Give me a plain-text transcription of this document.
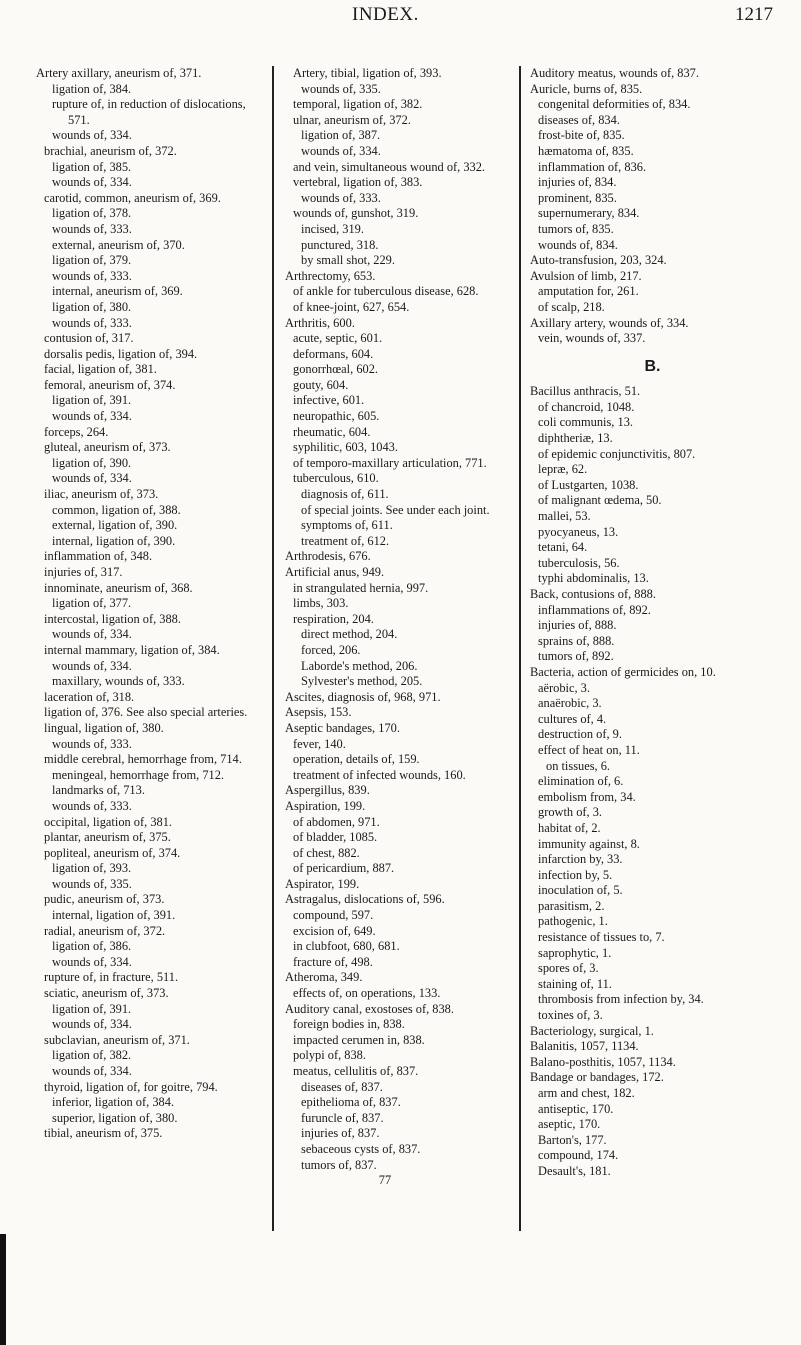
INDEX.	1217

Artery axillary, aneurism of, 371.

ligation of, 384.

rupture of, in reduction of dislocations, 571.

wounds of, 334.

brachial, aneurism of, 372.

ligation of, 385.

wounds of, 334.

carotid, common, aneurism of, 369.

ligation of, 378.

wounds of, 333.

external, aneurism of, 370.

ligation of, 379.

wounds of, 333.

internal, aneurism of, 369.

ligation of, 380.

wounds of, 333.

contusion of, 317.

dorsalis pedis, ligation of, 394.

facial, ligation of, 381.

femoral, aneurism of, 374.

ligation of, 391.

wounds of, 334.

forceps, 264.

gluteal, aneurism of, 373.

ligation of, 390.

wounds of, 334.

iliac, aneurism of, 373.

common, ligation of, 388.

external, ligation of, 390.

internal, ligation of, 390.

inflammation of, 348.

injuries of, 317.

innominate, aneurism of, 368.

ligation of, 377.

intercostal, ligation of, 388.

wounds of, 334.

internal mammary, ligation of, 384.

wounds of, 334.

maxillary, wounds of, 333.

laceration of, 318.

ligation of, 376. See also special arteries.

lingual, ligation of, 380.

wounds of, 333.

middle cerebral, hemorrhage from, 714.

meningeal, hemorrhage from, 712.

landmarks of, 713.

wounds of, 333.

occipital, ligation of, 381.

plantar, aneurism of, 375.

popliteal, aneurism of, 374.

ligation of, 393.

wounds of, 335.

pudic, aneurism of, 373.

internal, ligation of, 391.

radial, aneurism of, 372.

ligation of, 386.

wounds of, 334.

rupture of, in fracture, 511.

sciatic, aneurism of, 373.

ligation of, 391.

wounds of, 334.

subclavian, aneurism of, 371.

ligation of, 382.

wounds of, 334.

thyroid, ligation of, for goitre, 794.

inferior, ligation of, 384.

superior, ligation of, 380.

tibial, aneurism of, 375.

Artery, tibial, ligation of, 393.

wounds of, 335.

temporal, ligation of, 382.

ulnar, aneurism of, 372.

ligation of, 387.

wounds of, 334.

and vein, simultaneous wound of, 332.

vertebral, ligation of, 383.

wounds of, 333.

wounds of, gunshot, 319.

incised, 319.

punctured, 318.

by small shot, 229.

Arthrectomy, 653.

of ankle for tuberculous disease, 628.

of knee-joint, 627, 654.

Arthritis, 600.

acute, septic, 601.

deformans, 604.

gonorrhœal, 602.

gouty, 604.

infective, 601.

neuropathic, 605.

rheumatic, 604.

syphilitic, 603, 1043.

of temporo-maxillary articulation, 771.

tuberculous, 610.

diagnosis of, 611.

of special joints. See under each joint.

symptoms of, 611.

treatment of, 612.

Arthrodesis, 676.

Artificial anus, 949.

in strangulated hernia, 997.

limbs, 303.

respiration, 204.

direct method, 204.

forced, 206.

Laborde's method, 206.

Sylvester's method, 205.

Ascites, diagnosis of, 968, 971.

Asepsis, 153.

Aseptic bandages, 170.

fever, 140.

operation, details of, 159.

treatment of infected wounds, 160.

Aspergillus, 839.

Aspiration, 199.

of abdomen, 971.

of bladder, 1085.

of chest, 882.

of pericardium, 887.

Aspirator, 199.

Astragalus, dislocations of, 596.

compound, 597.

excision of, 649.

in clubfoot, 680, 681.

fracture of, 498.

Atheroma, 349.

effects of, on operations, 133.

Auditory canal, exostoses of, 838.

foreign bodies in, 838.

impacted cerumen in, 838.

polypi of, 838.

meatus, cellulitis of, 837.

diseases of, 837.

epithelioma of, 837.

furuncle of, 837.

injuries of, 837.

sebaceous cysts of, 837.

tumors of, 837.

77

Auditory meatus, wounds of, 837.

Auricle, burns of, 835.

congenital deformities of, 834.

diseases of, 834.

frost-bite of, 835.

hæmatoma of, 835.

inflammation of, 836.

injuries of, 834.

prominent, 835.

supernumerary, 834.

tumors of, 835.

wounds of, 834.

Auto-transfusion, 203, 324.

Avulsion of limb, 217.

amputation for, 261.

of scalp, 218.

Axillary artery, wounds of, 334.

vein, wounds of, 337.

B.

Bacillus anthracis, 51.

of chancroid, 1048.

coli communis, 13.

diphtheriæ, 13.

of epidemic conjunctivitis, 807.

lepræ, 62.

of Lustgarten, 1038.

of malignant œdema, 50.

mallei, 53.

pyocyaneus, 13.

tetani, 64.

tuberculosis, 56.

typhi abdominalis, 13.

Back, contusions of, 888.

inflammations of, 892.

injuries of, 888.

sprains of, 888.

tumors of, 892.

Bacteria, action of germicides on, 10.

aërobic, 3.

anaërobic, 3.

cultures of, 4.

destruction of, 9.

effect of heat on, 11.

on tissues, 6.

elimination of, 6.

embolism from, 34.

growth of, 3.

habitat of, 2.

immunity against, 8.

infarction by, 33.

infection by, 5.

inoculation of, 5.

parasitism, 2.

pathogenic, 1.

resistance of tissues to, 7.

saprophytic, 1.

spores of, 3.

staining of, 11.

thrombosis from infection by, 34.

toxines of, 3.

Bacteriology, surgical, 1.

Balanitis, 1057, 1134.

Balano-posthitis, 1057, 1134.

Bandage or bandages, 172.

arm and chest, 182.

antiseptic, 170.

aseptic, 170.

Barton's, 177.

compound, 174.

Desault's, 181.
